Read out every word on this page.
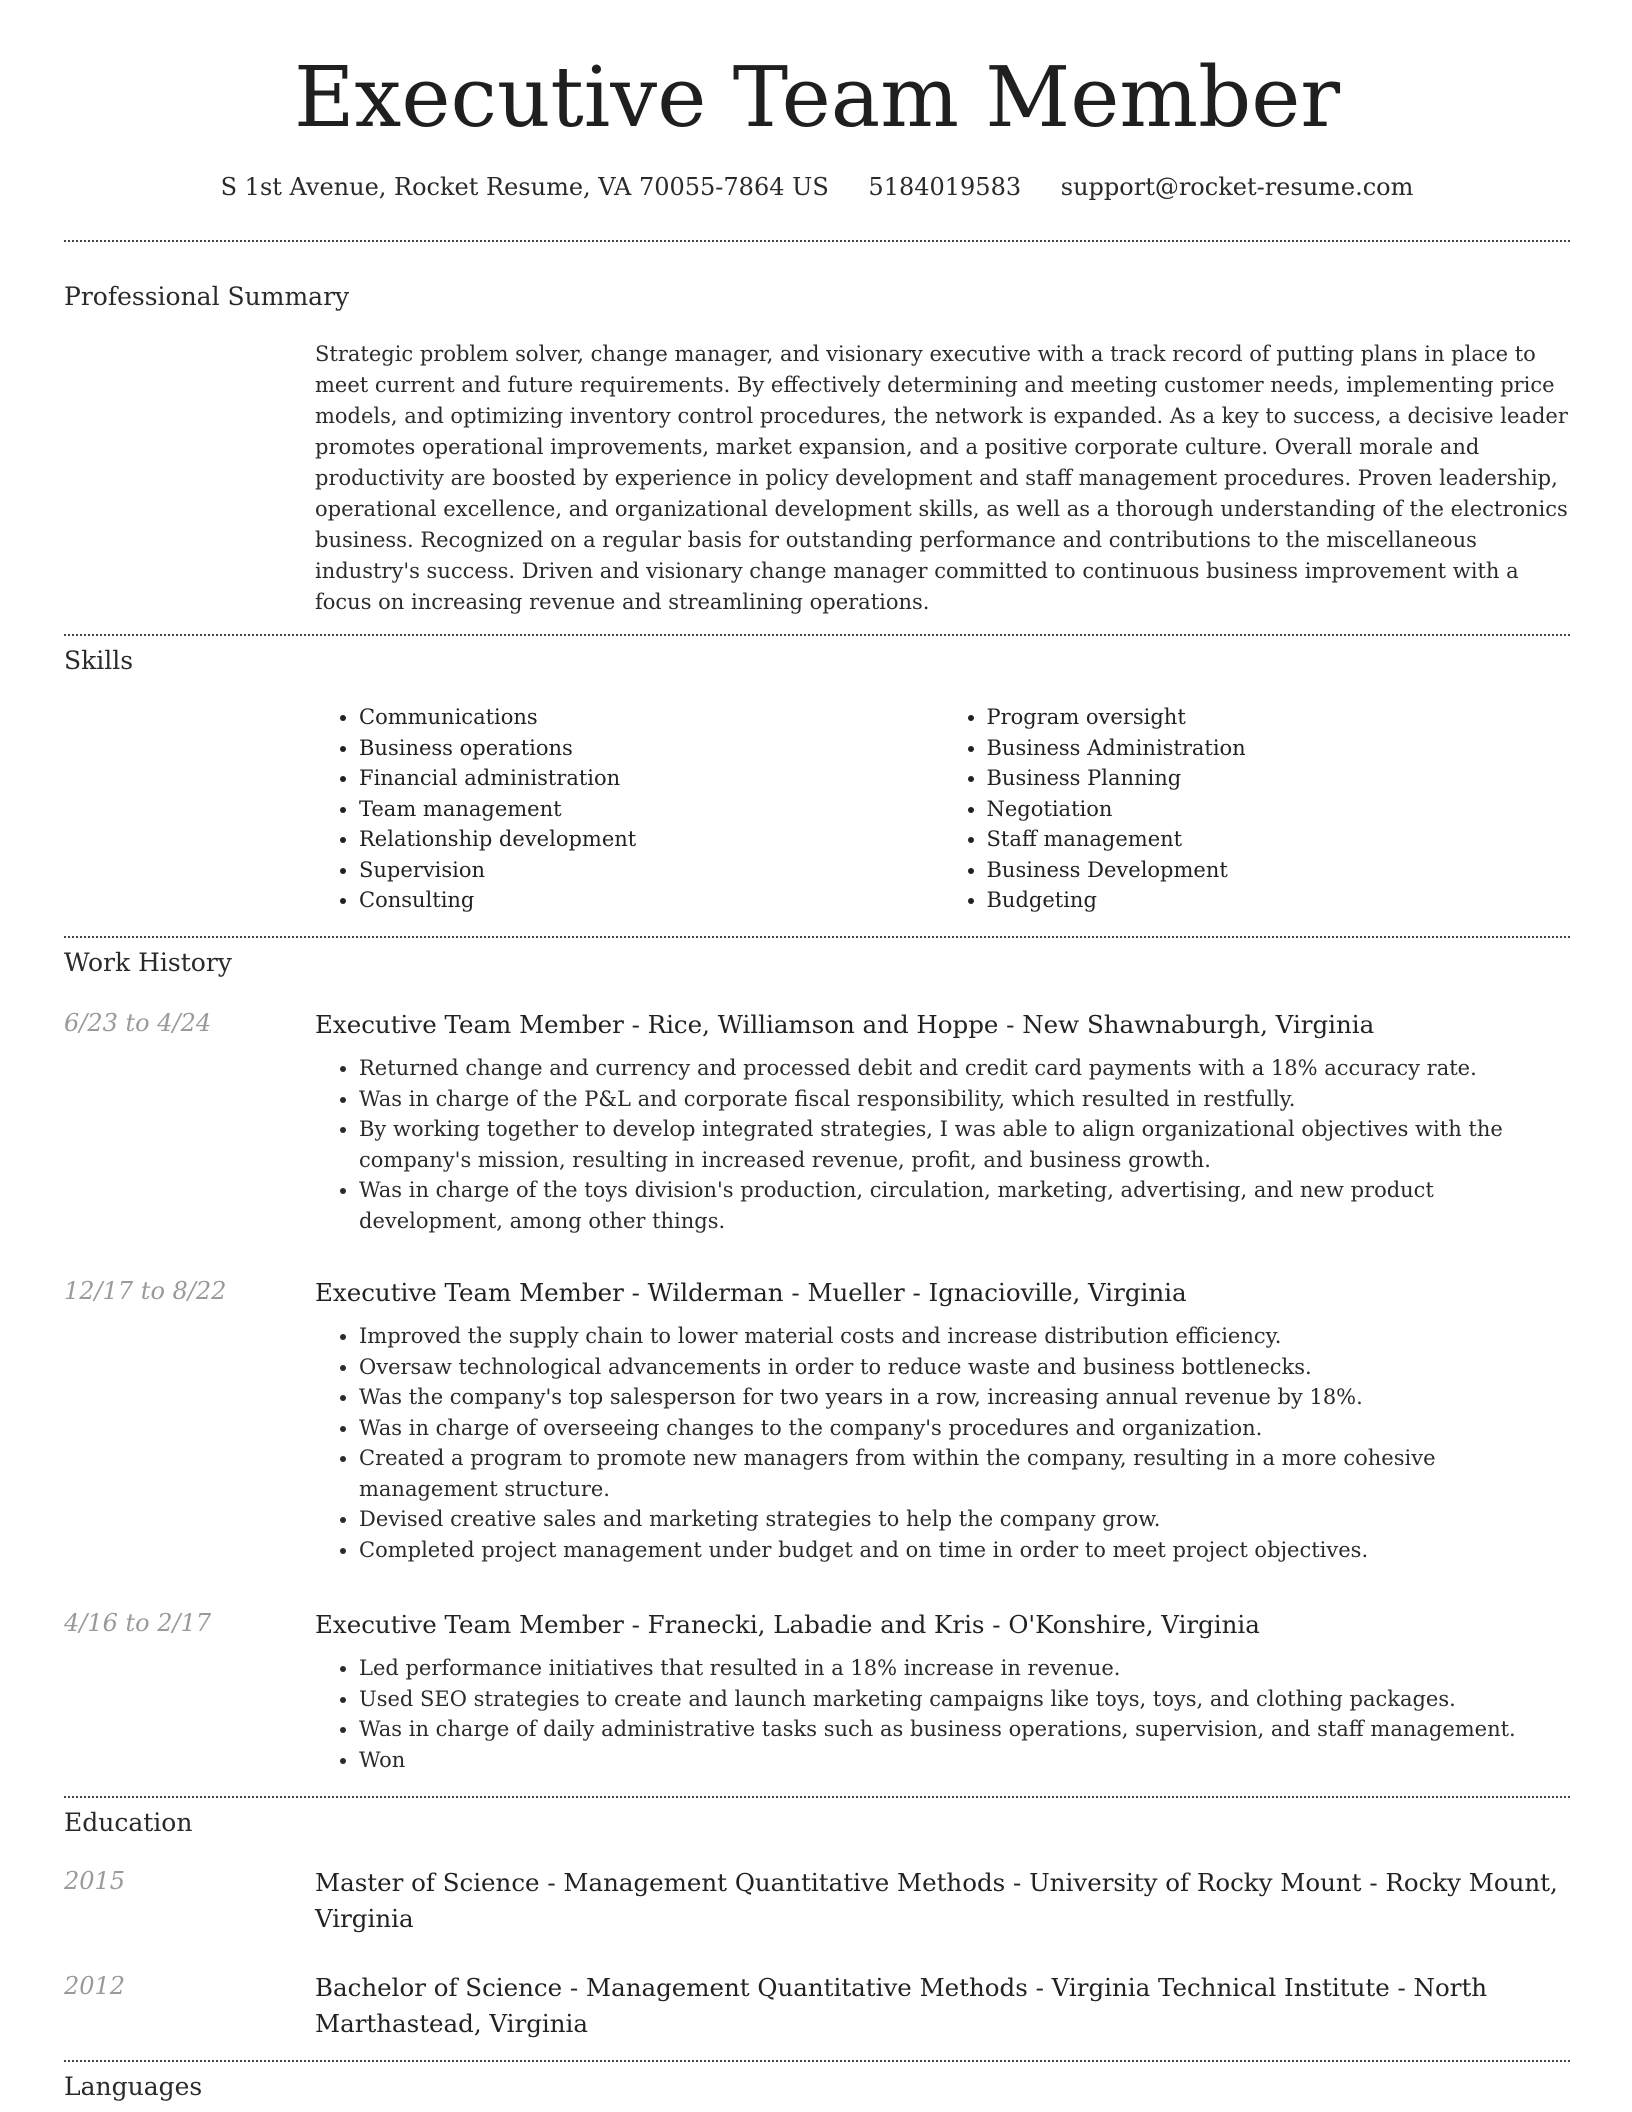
Executive Team Member
S 1st Avenue, Rocket Resume, VA 70055-7864 US 5184019583 support@rocket-resume.com
Professional Summary

Strategic problem solver, change manager, and visionary executive with a track record of putting plans in place to meet current and future requirements. By effectively determining and meeting customer needs, implementing price models, and optimizing inventory control procedures, the network is expanded. As a key to success, a decisive leader promotes operational improvements, market expansion, and a positive corporate culture. Overall morale and productivity are boosted by experience in policy development and staff management procedures. Proven leadership, operational excellence, and organizational development skills, as well as a thorough understanding of the electronics business. Recognized on a regular basis for outstanding performance and contributions to the miscellaneous industry's success. Driven and visionary change manager committed to continuous business improvement with a focus on increasing revenue and streamlining operations.

Skills
• Communications
• Business operations
• Financial administration
• Team management
• Relationship development
• Supervision
• Consulting
• Program oversight
• Business Administration
• Business Planning
• Negotiation
• Staff management
• Business Development
• Budgeting
Work History
6/23 to 4/24	Executive Team Member - Rice, Williamson and Hoppe - New Shawnaburgh, Virginia

• Returned change and currency and processed debit and credit card payments with a 18% accuracy rate.
• Was in charge of the P&L and corporate fiscal responsibility, which resulted in restfully.
• By working together to develop integrated strategies, I was able to align organizational objectives with the company's mission, resulting in increased revenue, profit, and business growth.
• Was in charge of the toys division's production, circulation, marketing, advertising, and new product development, among other things.
12/17 to 8/22	Executive Team Member - Wilderman - Mueller - Ignacioville, Virginia

• Improved the supply chain to lower material costs and increase distribution efficiency.
• Oversaw technological advancements in order to reduce waste and business bottlenecks.
• Was the company's top salesperson for two years in a row, increasing annual revenue by 18%.
• Was in charge of overseeing changes to the company's procedures and organization.
• Created a program to promote new managers from within the company, resulting in a more cohesive management structure.
• Devised creative sales and marketing strategies to help the company grow.
• Completed project management under budget and on time in order to meet project objectives.
4/16 to 2/17	Executive Team Member - Franecki, Labadie and Kris - O'Konshire, Virginia

• Led performance initiatives that resulted in a 18% increase in revenue.
• Used SEO strategies to create and launch marketing campaigns like toys, toys, and clothing packages.
• Was in charge of daily administrative tasks such as business operations, supervision, and staff management.
• Won
Education
2015	Master of Science - Management Quantitative Methods - University of Rocky Mount - Rocky Mount, Virginia

2012	Bachelor of Science - Management Quantitative Methods - Virginia Technical Institute - North Marthastead, Virginia

Languages
